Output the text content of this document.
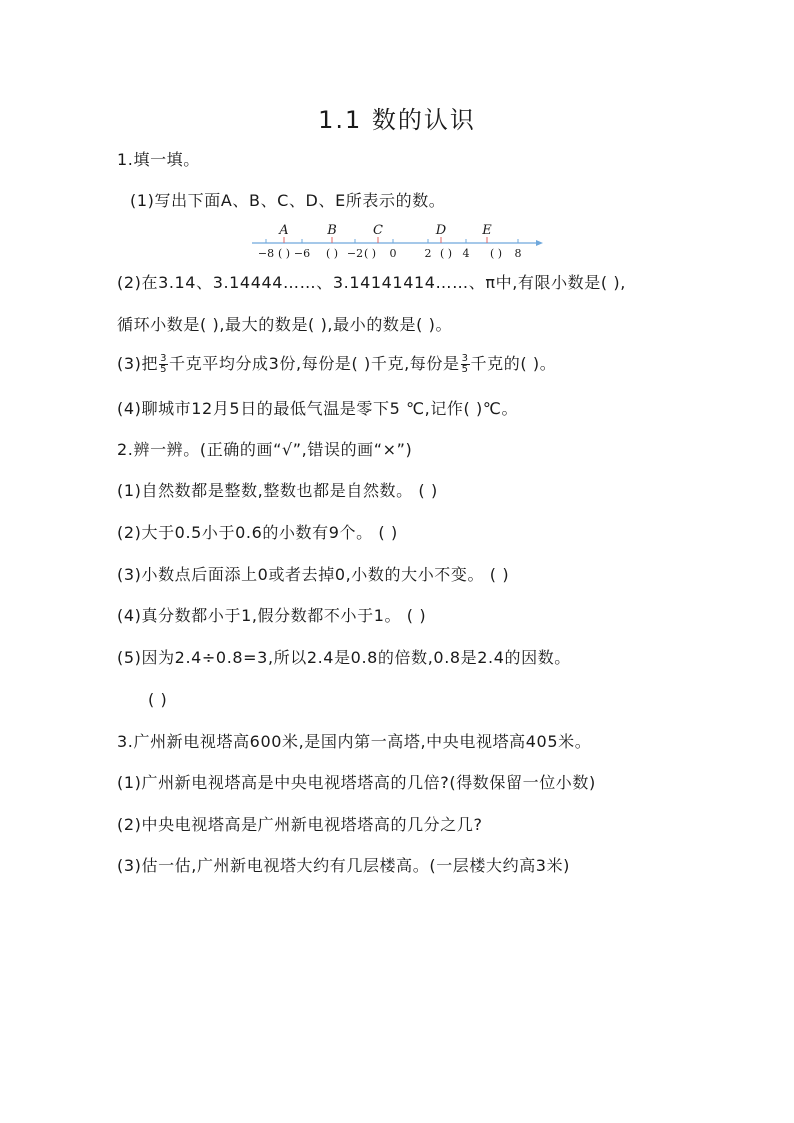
1.1 数的认识
1.填一填。
(1)写出下面A、B、C、D、E所表示的数。
A	B	C	D	E
−8 ( ) −6 ( ) −2 ( ) 0	2 ( ) 4 ( ) 8
(2)在3.14、3.14444……、3.14141414……、π中,有限小数是( ),
循环小数是( ),最大的数是( ),最小的数是( )。
(3)把 $\frac{3}{5}$ 千克平均分成3份,每份是( )千克,每份是 $\frac{3}{5}$ 千克的( )。
(4)聊城市12月5日的最低气温是零下5 ℃,记作( )℃。
2.辨一辨。(正确的画“√”,错误的画“×”)
(1)自然数都是整数,整数也都是自然数。 ( )
(2)大于0.5小于0.6的小数有9个。 ( )
(3)小数点后面添上0或者去掉0,小数的大小不变。 ( )
(4)真分数都小于1,假分数都不小于1。 ( )
(5)因为2.4÷0.8=3,所以2.4是0.8的倍数,0.8是2.4的因数。
( )
3.广州新电视塔高600米,是国内第一高塔,中央电视塔高405米。
(1)广州新电视塔高是中央电视塔塔高的几倍?(得数保留一位小数)
(2)中央电视塔高是广州新电视塔塔高的几分之几?
(3)估一估,广州新电视塔大约有几层楼高。(一层楼大约高3米)
